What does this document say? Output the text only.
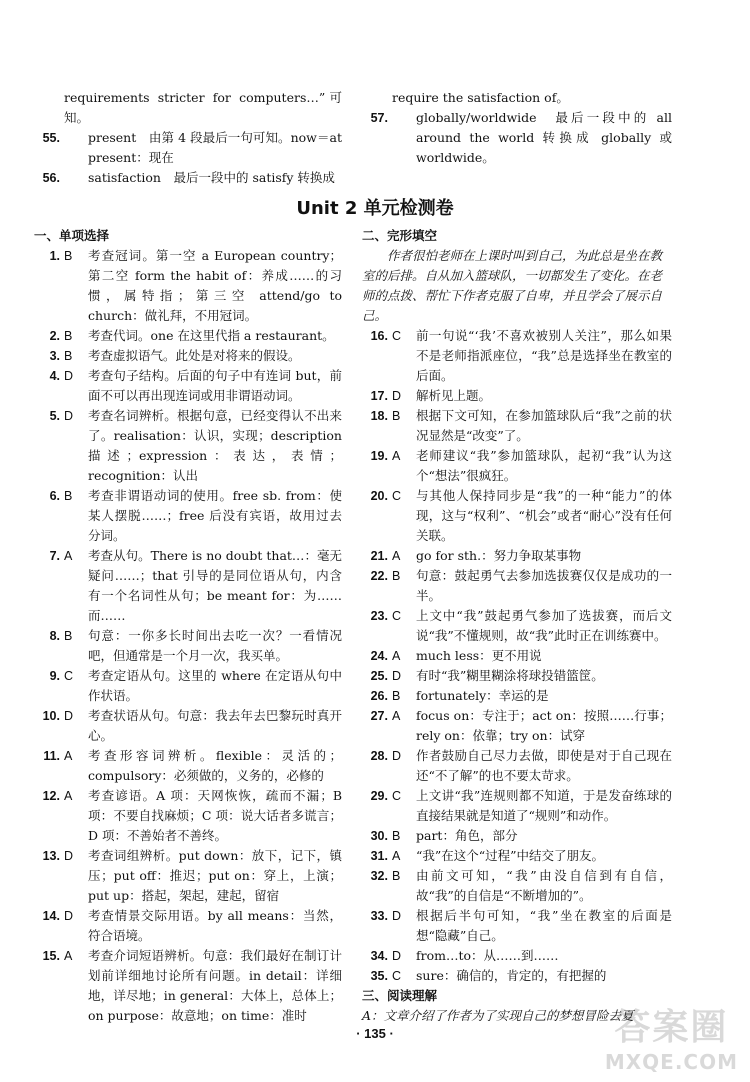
requirements stricter for computers…”可知。
55. present　由第 4 段最后一句可知。now＝at present：现在
56. satisfaction　最后一段中的 satisfy 转换成
require the satisfaction of。
57. globally/worldwide　最后一段中的 all around the world 转换成 globally 或 worldwide。
Unit 2 单元检测卷
一、单项选择
1. B	考查冠词。第一空 a European country；第二空 form the habit of：养成……的习惯，属特指；第三空 attend/go to church：做礼拜，不用冠词。
2. B	考查代词。one 在这里代指 a restaurant。
3. B	考查虚拟语气。此处是对将来的假设。
4. D	考查句子结构。后面的句子中有连词 but，前面不可以再出现连词或用非谓语动词。
5. D	考查名词辨析。根据句意，已经变得认不出来了。realisation：认识，实现；description 描述；expression：表达，表情；recognition：认出
6. B	考查非谓语动词的使用。free sb. from：使某人摆脱……；free 后没有宾语，故用过去分词。
7. A	考查从句。There is no doubt that…：毫无疑问……；that 引导的是同位语从句，内含有一个名词性从句；be meant for：为……而……
8. B	句意：一你多长时间出去吃一次？一看情况吧，但通常是一个月一次，我买单。
9. C	考查定语从句。这里的 where 在定语从句中作状语。
10. D	考查状语从句。句意：我去年去巴黎玩时真开心。
11. A	考查形容词辨析。flexible：灵活的；compulsory：必须做的，义务的，必修的
12. A	考查谚语。A 项：天网恢恢，疏而不漏；B 项：不要自找麻烦；C 项：说大话者多谎言；D 项：不善始者不善终。
13. D	考查词组辨析。put down：放下，记下，镇压；put off：推迟；put on：穿上，上演；put up：搭起，架起，建起，留宿
14. D	考查情景交际用语。by all means：当然，符合语境。
15. A	考查介词短语辨析。句意：我们最好在制订计划前详细地讨论所有问题。in detail：详细地，详尽地；in general：大体上，总体上；on purpose：故意地；on time：准时
二、完形填空
作者很怕老师在上课时叫到自己，为此总是坐在教室的后排。自从加入篮球队，一切都发生了变化。在老师的点拨、帮忙下作者克服了自卑，并且学会了展示自己。
16. C	前一句说“‘我’不喜欢被别人关注”，那么如果不是老师指派座位，“我”总是选择坐在教室的后面。
17. D	解析见上题。
18. B	根据下文可知，在参加篮球队后“我”之前的状况显然是“改变”了。
19. A	老师建议“我”参加篮球队，起初“我”认为这个“想法”很疯狂。
20. C	与其他人保持同步是“我”的一种“能力”的体现，这与“权利”、“机会”或者“耐心”没有任何关联。
21. A	go for sth.：努力争取某事物
22. B	句意：鼓起勇气去参加选拔赛仅仅是成功的一半。
23. C	上文中“我”鼓起勇气参加了选拔赛，而后文说“我”不懂规则，故“我”此时正在训练赛中。
24. A	much less：更不用说
25. D	有时“我”糊里糊涂将球投错篮筐。
26. B	fortunately：幸运的是
27. A	focus on：专注于；act on：按照……行事；rely on：依靠；try on：试穿
28. D	作者鼓励自己尽力去做，即使是对于自己现在还“不了解”的也不要太苛求。
29. C	上文讲“我”连规则都不知道，于是发奋练球的直接结果就是知道了“规则”和动作。
30. B	part：角色，部分
31. A	“我”在这个“过程”中结交了朋友。
32. B	由前文可知，“我”由没自信到有自信，故“我”的自信是“不断增加的”。
33. D	根据后半句可知，“我”坐在教室的后面是想“隐藏”自己。
34. D	from…to：从……到……
35. C	sure：确信的，肯定的，有把握的
三、阅读理解
A：文章介绍了作者为了实现自己的梦想冒险去夏
· 135 ·	答案圈
MXQE.COM
